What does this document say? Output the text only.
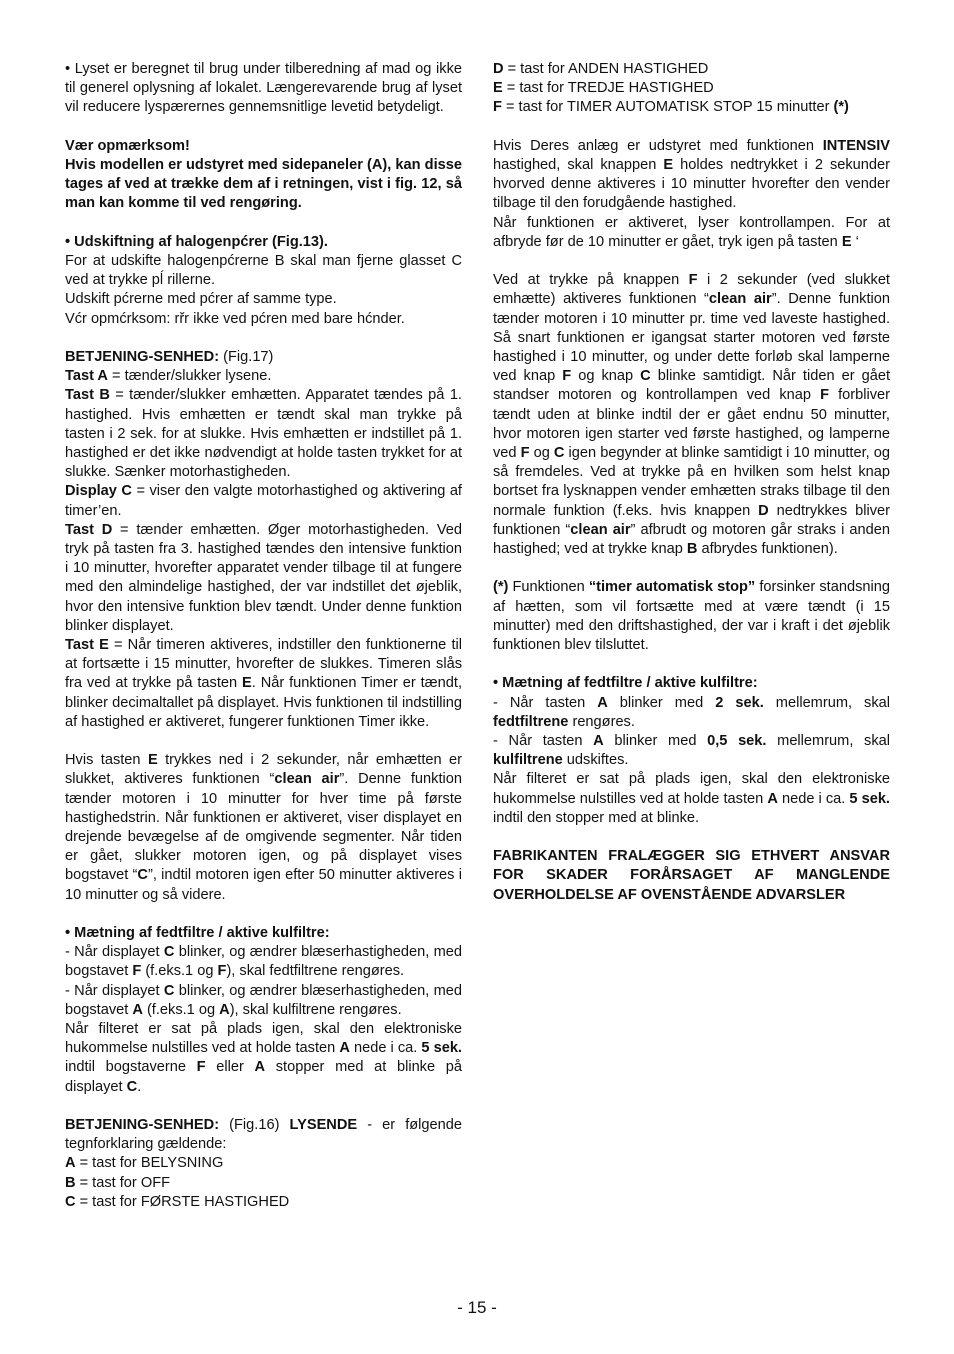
• Lyset er beregnet til brug under tilberedning af mad og ikke til generel oplysning af lokalet. Længerevarende brug af lyset vil reducere lyspærernes gennemsnitlige levetid betydeligt.

Vær opmærksom!

Hvis modellen er udstyret med sidepaneler (A), kan disse tages af ved at trække dem af i retningen, vist i fig. 12, så man kan komme til ved rengøring.

• Udskiftning af halogenpćrer (Fig.13).

For at udskifte halogenpćrerne B skal man fjerne glasset C ved at trykke pĺ rillerne.

Udskift pćrerne med pćrer af samme type.

Vćr opmćrksom: rřr ikke ved pćren med bare hćnder.

BETJENING-SENHED: (Fig.17)

Tast A = tænder/slukker lysene.

Tast B = tænder/slukker emhætten. Apparatet tændes på 1. hastighed. Hvis emhætten er tændt skal man trykke på tasten i 2 sek. for at slukke. Hvis emhætten er indstillet på 1. hastighed er det ikke nødvendigt at holde tasten trykket for at slukke. Sænker motorhastigheden.

Display C = viser den valgte motorhastighed og aktivering af timer’en.

Tast D = tænder emhætten. Øger motorhastigheden. Ved tryk på tasten fra 3. hastighed tændes den intensive funktion i 10 minutter, hvorefter apparatet vender tilbage til at fungere med den almindelige hastighed, der var indstillet det øjeblik, hvor den intensive funktion blev tændt. Under denne funktion blinker displayet.

Tast E = Når timeren aktiveres, indstiller den funktionerne til at fortsætte i 15 minutter, hvorefter de slukkes. Timeren slås fra ved at trykke på tasten E. Når funktionen Timer er tændt, blinker decimaltallet på displayet. Hvis funktionen til indstilling af hastighed er aktiveret, fungerer funktionen Timer ikke.

Hvis tasten E trykkes ned i 2 sekunder, når emhætten er slukket, aktiveres funktionen “clean air”. Denne funktion tænder motoren i 10 minutter for hver time på første hastighedstrin. Når funktionen er aktiveret, viser displayet en drejende bevægelse af de omgivende segmenter. Når tiden er gået, slukker motoren igen, og på displayet vises bogstavet “C”, indtil motoren igen efter 50 minutter aktiveres i 10 minutter og så videre.

• Mætning af fedtfiltre / aktive kulfiltre:

- Når displayet C blinker, og ændrer blæserhastigheden, med bogstavet F (f.eks.1 og F), skal fedtfiltrene rengøres.

- Når displayet C blinker, og ændrer blæserhastigheden, med bogstavet A (f.eks.1 og A), skal kulfiltrene rengøres.

Når filteret er sat på plads igen, skal den elektroniske hukommelse nulstilles ved at holde tasten A nede i ca. 5 sek. indtil bogstaverne F eller A stopper med at blinke på displayet C.

BETJENING-SENHED: (Fig.16) LYSENDE - er følgende tegnforklaring gældende:

A = tast for BELYSNING

B = tast for OFF

C = tast for FØRSTE HASTIGHED

D = tast for ANDEN HASTIGHED

E = tast for TREDJE HASTIGHED

F = tast for TIMER AUTOMATISK STOP 15 minutter (*)

Hvis Deres anlæg er udstyret med funktionen INTENSIV hastighed, skal knappen E holdes nedtrykket i 2 sekunder hvorved denne aktiveres i 10 minutter hvorefter den vender tilbage til den forudgående hastighed.

Når funktionen er aktiveret, lyser kontrollampen. For at afbryde før de 10 minutter er gået, tryk igen på tasten E ‘

Ved at trykke på knappen F i 2 sekunder (ved slukket emhætte) aktiveres funktionen “clean air”. Denne funktion tænder motoren i 10 minutter pr. time ved laveste hastighed. Så snart funktionen er igangsat starter motoren ved første hastighed i 10 minutter, og under dette forløb skal lamperne ved knap F og knap C blinke samtidigt. Når tiden er gået standser motoren og kontrollampen ved knap F forbliver tændt uden at blinke indtil der er gået endnu 50 minutter, hvor motoren igen starter ved første hastighed, og lamperne ved F og C igen begynder at blinke samtidigt i 10 minutter, og så fremdeles. Ved at trykke på en hvilken som helst knap bortset fra lysknappen vender emhætten straks tilbage til den normale funktion (f.eks. hvis knappen D nedtrykkes bliver funktionen “clean air” afbrudt og motoren går straks i anden hastighed; ved at trykke knap B afbrydes funktionen).

(*) Funktionen “timer automatisk stop” forsinker standsning af hætten, som vil fortsætte med at være tændt (i 15 minutter) med den driftshastighed, der var i kraft i det øjeblik funktionen blev tilsluttet.

• Mætning af fedtfiltre / aktive kulfiltre:

- Når tasten A blinker med 2 sek. mellemrum, skal fedtfiltrene rengøres.

- Når tasten A blinker med 0,5 sek. mellemrum, skal kulfiltrene udskiftes.

Når filteret er sat på plads igen, skal den elektroniske hukommelse nulstilles ved at holde tasten A nede i ca. 5 sek. indtil den stopper med at blinke.

FABRIKANTEN FRALÆGGER SIG ETHVERT ANSVAR FOR SKADER FORÅRSAGET AF MANGLENDE OVERHOLDELSE AF OVENSTÅENDE ADVARSLER

- 15 -
